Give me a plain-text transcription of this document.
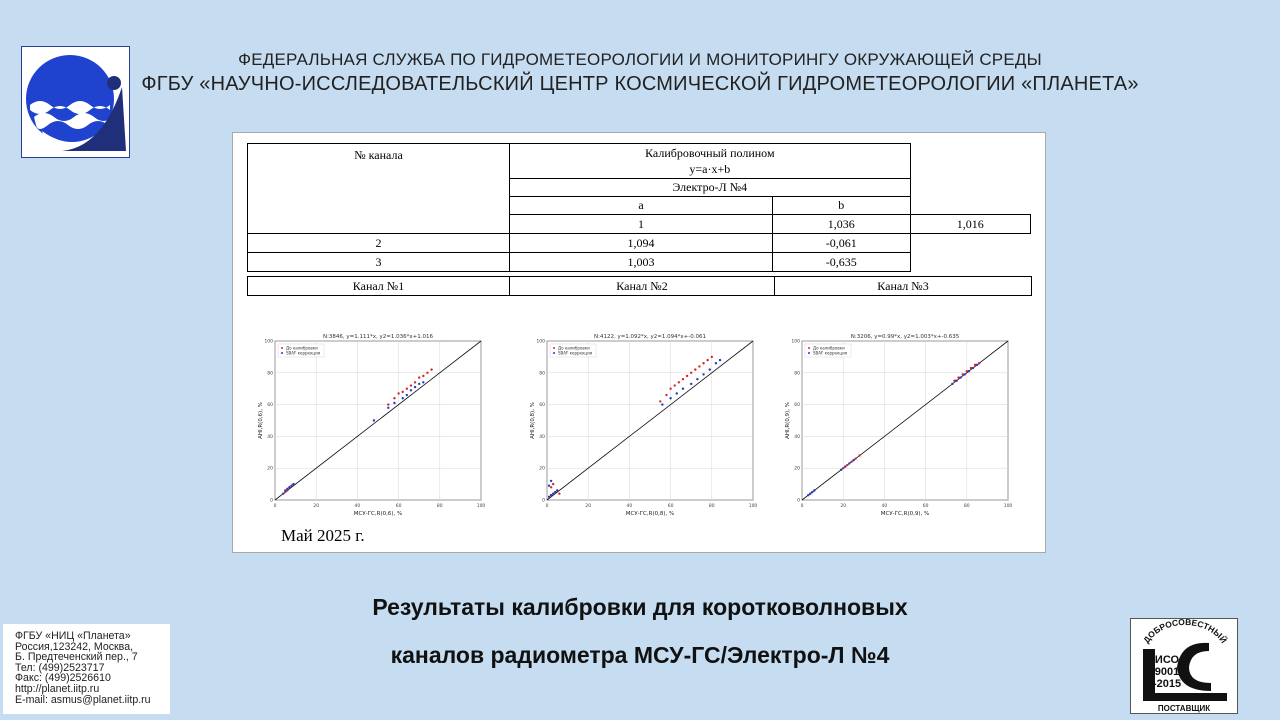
ФЕДЕРАЛЬНАЯ СЛУЖБА ПО ГИДРОМЕТЕОРОЛОГИИ И МОНИТОРИНГУ ОКРУЖАЮЩЕЙ СРЕДЫ
ФГБУ «НАУЧНО-ИССЛЕДОВАТЕЛЬСКИЙ ЦЕНТР КОСМИЧЕСКОЙ ГИДРОМЕТЕОРОЛОГИИ «ПЛАНЕТА»
№ канала	Калибровочный полином
y=a·x+b		

	Электро-Л №4		
	a	b	
	1	1,036	1,016
2	1,094	-0,061	
3	1,003	-0,635	
Канал №1	Канал №2	Канал №3
N:3846, y=1.111*x, y2=1.036*x+1.016
0	20	40	60	80	100
0
20
40
60
80
100
До калибровки
SBAF коррекция
МСУ-ГС,R(0,6), %
AHI,R(0,6), %
N:4122, y=1.092*x, y2=1.094*x+-0.061
0	20	40	60	80	100
0
20
40
60
80
100
До калибровки
SBAF коррекция
МСУ-ГС,R(0,8), %
AHI,R(0,8), %
N:3206, y=0.99*x, y2=1.003*x+-0.635
0	20	40	60	80	100
0
20
40
60
80
100
До калибровки
SBAF коррекция
МСУ-ГС,R(0,9), %
AHI,R(0,9), %
Май 2025 г.
Результаты калибровки для коротковолновых
каналов радиометра МСУ-ГС/Электро-Л №4
ФГБУ «НИЦ «Планета»
Россия,123242, Москва,
Б. Предтеченский пер., 7
Тел: (499)2523717
Факс: (499)2526610
http://planet.iitp.ru
E-mail: asmus@planet.iitp.ru
ДОБРОСОВЕСТНЫЙ
ИСО
9001
-2015
ПОСТАВЩИК
